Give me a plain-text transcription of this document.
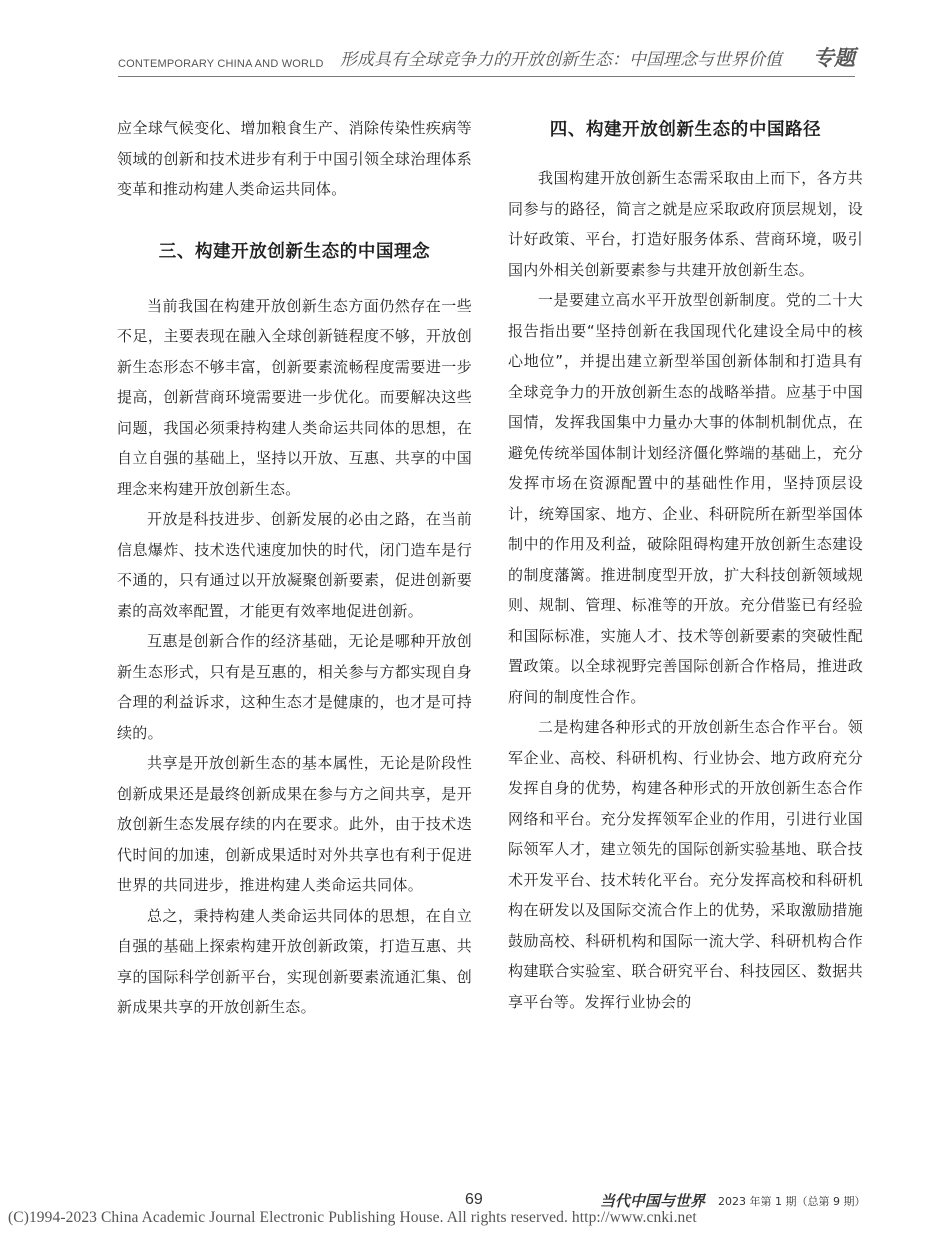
CONTEMPORARY CHINA AND WORLD 形成具有全球竞争力的开放创新生态：中国理念与世界价值 专题

应全球气候变化、增加粮食生产、消除传染性疾病等领域的创新和技术进步有利于中国引领全球治理体系变革和推动构建人类命运共同体。

三、构建开放创新生态的中国理念

当前我国在构建开放创新生态方面仍然存在一些不足，主要表现在融入全球创新链程度不够，开放创新生态形态不够丰富，创新要素流畅程度需要进一步提高，创新营商环境需要进一步优化。而要解决这些问题，我国必须秉持构建人类命运共同体的思想，在自立自强的基础上，坚持以开放、互惠、共享的中国理念来构建开放创新生态。

开放是科技进步、创新发展的必由之路，在当前信息爆炸、技术迭代速度加快的时代，闭门造车是行不通的，只有通过以开放凝聚创新要素，促进创新要素的高效率配置，才能更有效率地促进创新。

互惠是创新合作的经济基础，无论是哪种开放创新生态形式，只有是互惠的，相关参与方都实现自身合理的利益诉求，这种生态才是健康的，也才是可持续的。

共享是开放创新生态的基本属性，无论是阶段性创新成果还是最终创新成果在参与方之间共享，是开放创新生态发展存续的内在要求。此外，由于技术迭代时间的加速，创新成果适时对外共享也有利于促进世界的共同进步，推进构建人类命运共同体。

总之，秉持构建人类命运共同体的思想，在自立自强的基础上探索构建开放创新政策，打造互惠、共享的国际科学创新平台，实现创新要素流通汇集、创新成果共享的开放创新生态。

四、构建开放创新生态的中国路径

我国构建开放创新生态需采取由上而下，各方共同参与的路径，简言之就是应采取政府顶层规划，设计好政策、平台，打造好服务体系、营商环境，吸引国内外相关创新要素参与共建开放创新生态。

一是要建立高水平开放型创新制度。党的二十大报告指出要“坚持创新在我国现代化建设全局中的核心地位”，并提出建立新型举国创新体制和打造具有全球竞争力的开放创新生态的战略举措。应基于中国国情，发挥我国集中力量办大事的体制机制优点，在避免传统举国体制计划经济僵化弊端的基础上，充分发挥市场在资源配置中的基础性作用，坚持顶层设计，统筹国家、地方、企业、科研院所在新型举国体制中的作用及利益，破除阻碍构建开放创新生态建设的制度藩篱。推进制度型开放，扩大科技创新领域规则、规制、管理、标准等的开放。充分借鉴已有经验和国际标准，实施人才、技术等创新要素的突破性配置政策。以全球视野完善国际创新合作格局，推进政府间的制度性合作。

二是构建各种形式的开放创新生态合作平台。领军企业、高校、科研机构、行业协会、地方政府充分发挥自身的优势，构建各种形式的开放创新生态合作网络和平台。充分发挥领军企业的作用，引进行业国际领军人才，建立领先的国际创新实验基地、联合技术开发平台、技术转化平台。充分发挥高校和科研机构在研发以及国际交流合作上的优势，采取激励措施鼓励高校、科研机构和国际一流大学、科研机构合作构建联合实验室、联合研究平台、科技园区、数据共享平台等。发挥行业协会的

69	当代中国与世界 2023 年第 1 期（总第 9 期）
(C)1994-2023 China Academic Journal Electronic Publishing House. All rights reserved. http://www.cnki.net
